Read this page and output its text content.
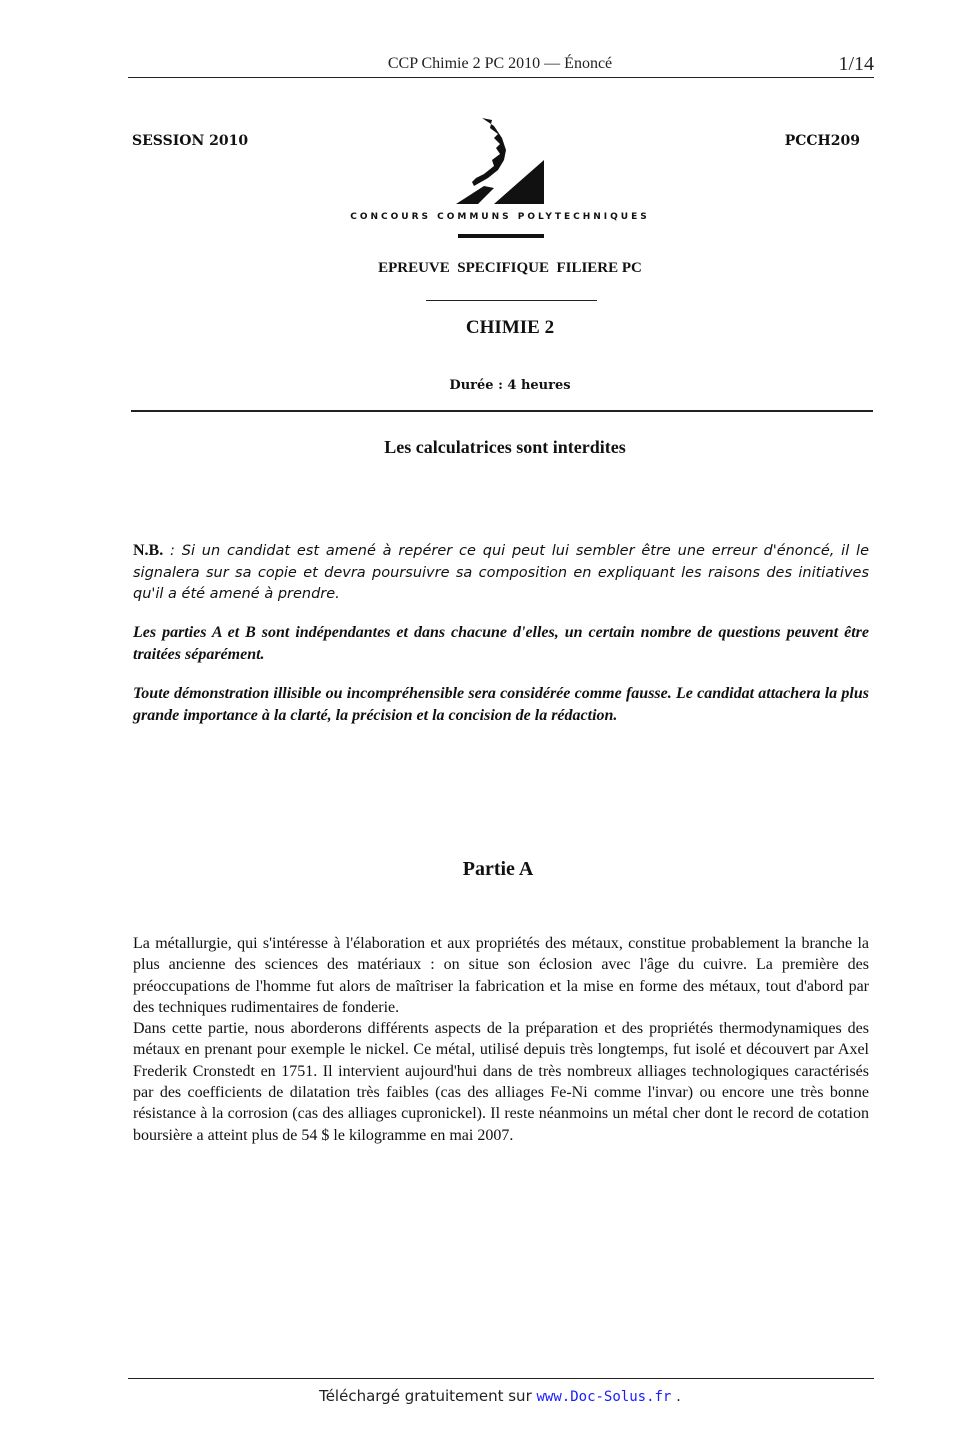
CCP Chimie 2 PC 2010 — Énoncé	1/14
SESSION 2010	PCCH209
CONCOURS COMMUNS POLYTECHNIQUES
EPREUVE  SPECIFIQUE  FILIERE PC
CHIMIE 2
Durée : 4 heures
Les calculatrices sont interdites
N.B. : Si un candidat est amené à repérer ce qui peut lui sembler être une erreur d'énoncé, il le signalera sur sa copie et devra poursuivre sa composition en expliquant les raisons des initiatives qu'il a été amené à prendre.
Les parties A et B sont indépendantes et dans chacune d'elles, un certain nombre de questions peuvent être traitées séparément.
Toute démonstration illisible ou incompréhensible sera considérée comme fausse. Le candidat attachera la plus grande importance à la clarté, la précision et la concision de la rédaction.
Partie A
La métallurgie, qui s'intéresse à l'élaboration et aux propriétés des métaux, constitue probablement la branche la plus ancienne des sciences des matériaux : on situe son éclosion avec l'âge du cuivre. La première des préoccupations de l'homme fut alors de maîtriser la fabrication et la mise en forme des métaux, tout d'abord par des techniques rudimentaires de fonderie.
Dans cette partie, nous aborderons différents aspects de la préparation et des propriétés thermodynamiques des métaux en prenant pour exemple le nickel. Ce métal, utilisé depuis très longtemps, fut isolé et découvert par Axel Frederik Cronstedt en 1751. Il intervient aujourd'hui dans de très nombreux alliages technologiques caractérisés par des coefficients de dilatation très faibles (cas des alliages Fe-Ni comme l'invar) ou encore une très bonne résistance à la corrosion (cas des alliages cupronickel). Il reste néanmoins un métal cher dont le record de cotation boursière a atteint plus de 54 $ le kilogramme en mai 2007.
Téléchargé gratuitement sur www.Doc-Solus.fr .
